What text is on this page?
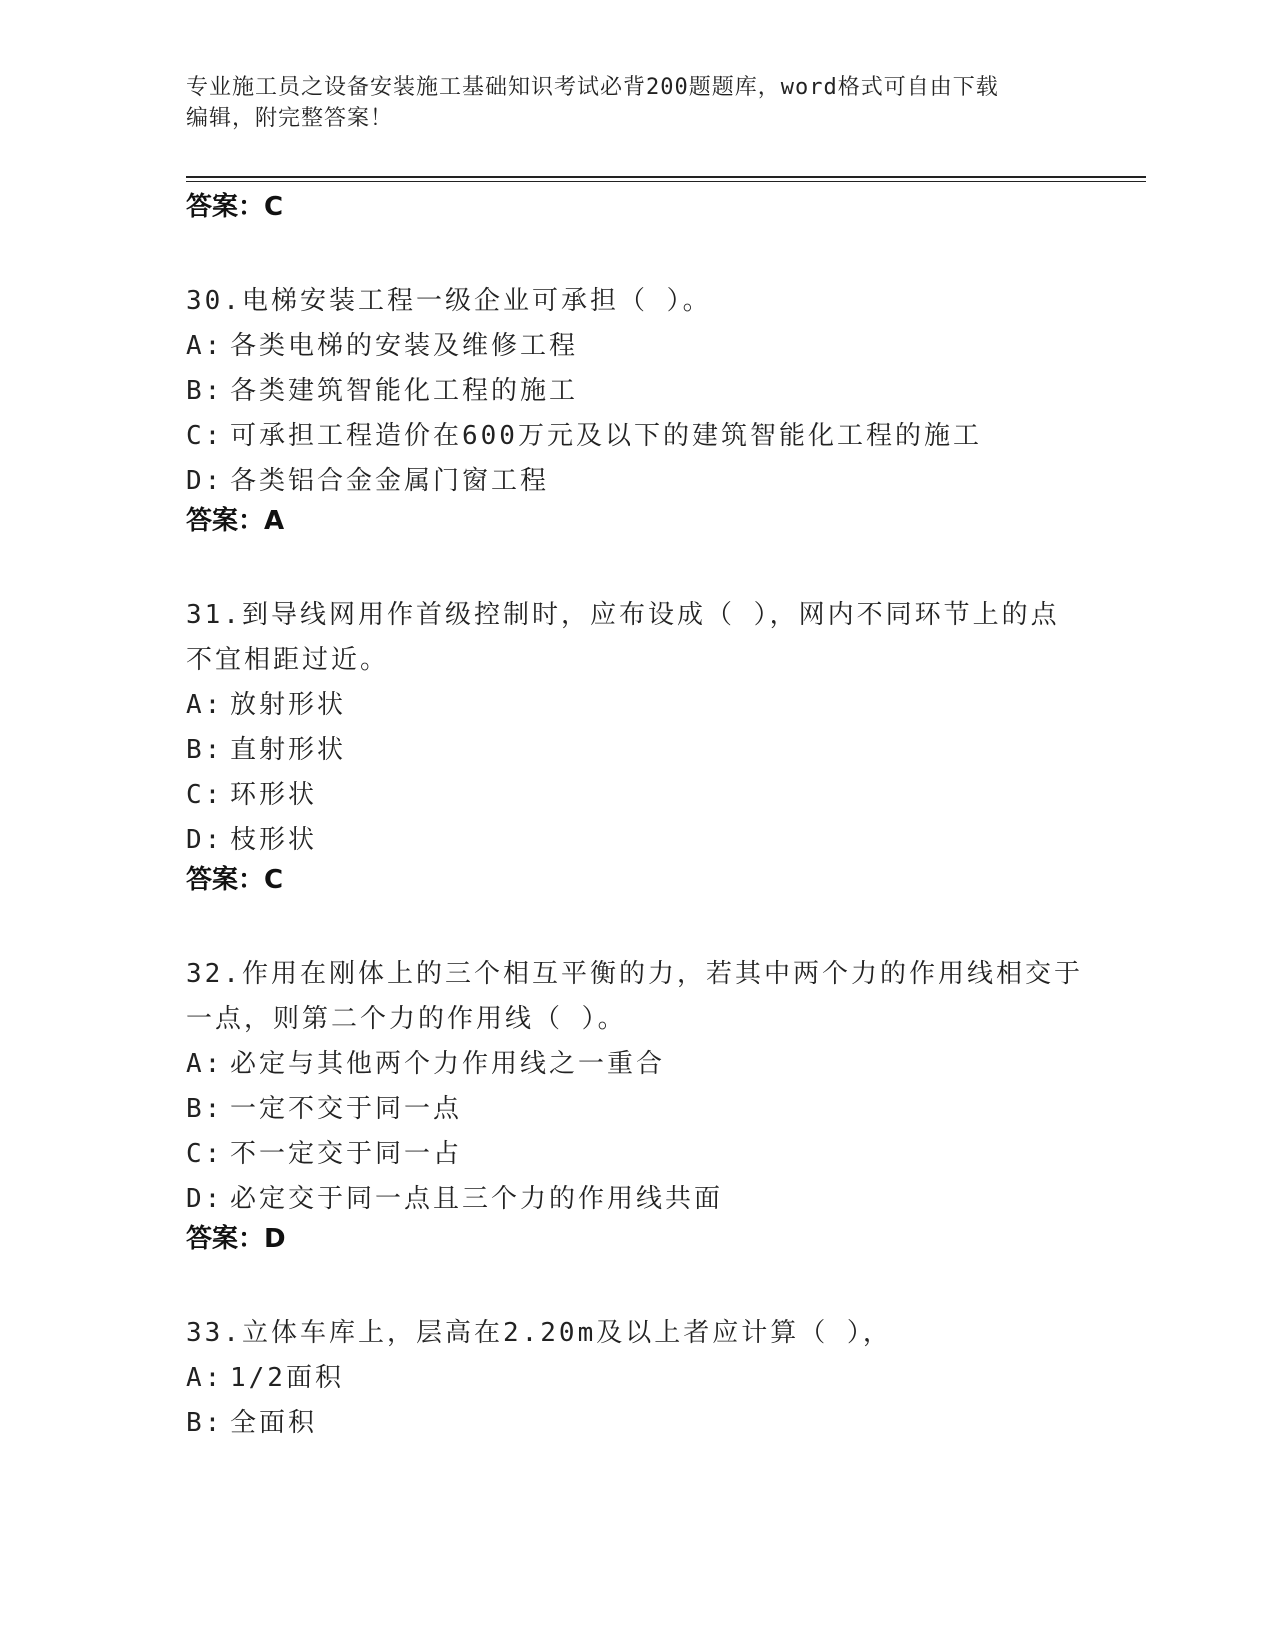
专业施工员之设备安装施工基础知识考试必背200题题库，word格式可自由下载
编辑，附完整答案！

答案：C

30.电梯安装工程一级企业可承担（ ）。

A: 各类电梯的安装及维修工程

B: 各类建筑智能化工程的施工

C: 可承担工程造价在600万元及以下的建筑智能化工程的施工

D: 各类铝合金金属门窗工程

答案：A

31.到导线网用作首级控制时，应布设成（ ），网内不同环节上的点不宜相距过近。

A: 放射形状

B: 直射形状

C: 环形状

D: 枝形状

答案：C

32.作用在刚体上的三个相互平衡的力，若其中两个力的作用线相交于一点，则第二个力的作用线（ ）。

A: 必定与其他两个力作用线之一重合

B: 一定不交于同一点

C: 不一定交于同一占

D: 必定交于同一点且三个力的作用线共面

答案：D

33.立体车库上，层高在2.20m及以上者应计算（ ），

A: 1/2面积

B: 全面积
